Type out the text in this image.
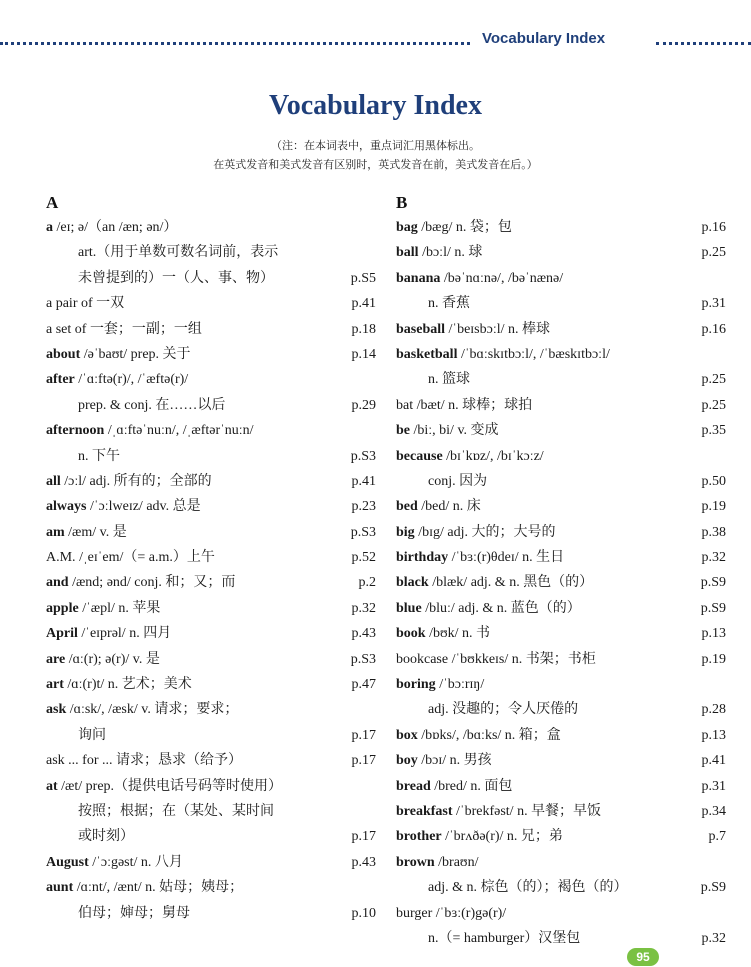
Vocabulary Index
Vocabulary Index
（注：在本词表中，重点词汇用黑体标出。
在英式发音和美式发音有区别时，英式发音在前，美式发音在后。）
A
a /eɪ; ə/（an /æn; ən/）
art.（用于单数可数名词前，表示
未曾提到的）一（人、事、物）	p.S5
a pair of 一双	p.41
a set of 一套；一副；一组	p.18
about /əˈbaʊt/ prep. 关于	p.14
after /ˈɑːftə(r)/, /ˈæftə(r)/
prep. & conj. 在……以后	p.29
afternoon /ˌɑːftəˈnuːn/, /ˌæftərˈnuːn/
n. 下午	p.S3
all /ɔːl/ adj. 所有的；全部的	p.41
always /ˈɔːlweɪz/ adv. 总是	p.23
am /æm/ v. 是	p.S3
A.M. /ˌeɪˈem/（= a.m.）上午	p.52
and /ænd; ənd/ conj. 和；又；而	p.2
apple /ˈæpl/ n. 苹果	p.32
April /ˈeɪprəl/ n. 四月	p.43
are /ɑː(r); ə(r)/ v. 是	p.S3
art /ɑː(r)t/ n. 艺术；美术	p.47
ask /ɑːsk/, /æsk/ v. 请求；要求；
询问	p.17
ask ... for ... 请求；恳求（给予）	p.17
at /æt/ prep.（提供电话号码等时使用）
按照；根据；在（某处、某时间
或时刻）	p.17
August /ˈɔːgəst/ n. 八月	p.43
aunt /ɑːnt/, /ænt/ n. 姑母；姨母；
伯母；婶母；舅母	p.10
B
bag /bæg/ n. 袋；包	p.16
ball /bɔːl/ n. 球	p.25
banana /bəˈnɑːnə/, /bəˈnænə/
n. 香蕉	p.31
baseball /ˈbeɪsbɔːl/ n. 棒球	p.16
basketball /ˈbɑːskɪtbɔːl/, /ˈbæskɪtbɔːl/
n. 篮球	p.25
bat /bæt/ n. 球棒；球拍	p.25
be /biː, bi/ v. 变成	p.35
because /bɪˈkɒz/, /bɪˈkɔːz/
conj. 因为	p.50
bed /bed/ n. 床	p.19
big /bɪg/ adj. 大的；大号的	p.38
birthday /ˈbɜː(r)θdeɪ/ n. 生日	p.32
black /blæk/ adj. & n. 黑色（的）	p.S9
blue /bluː/ adj. & n. 蓝色（的）	p.S9
book /bʊk/ n. 书	p.13
bookcase /ˈbʊkkeɪs/ n. 书架；书柜	p.19
boring /ˈbɔːrɪŋ/
adj. 没趣的；令人厌倦的	p.28
box /bɒks/, /bɑːks/ n. 箱；盒	p.13
boy /bɔɪ/ n. 男孩	p.41
bread /bred/ n. 面包	p.31
breakfast /ˈbrekfəst/ n. 早餐；早饭	p.34
brother /ˈbrʌðə(r)/ n. 兄；弟	p.7
brown /braʊn/
adj. & n. 棕色（的）；褐色（的）	p.S9
burger /ˈbɜː(r)gə(r)/
n.（= hamburger）汉堡包	p.32
95
